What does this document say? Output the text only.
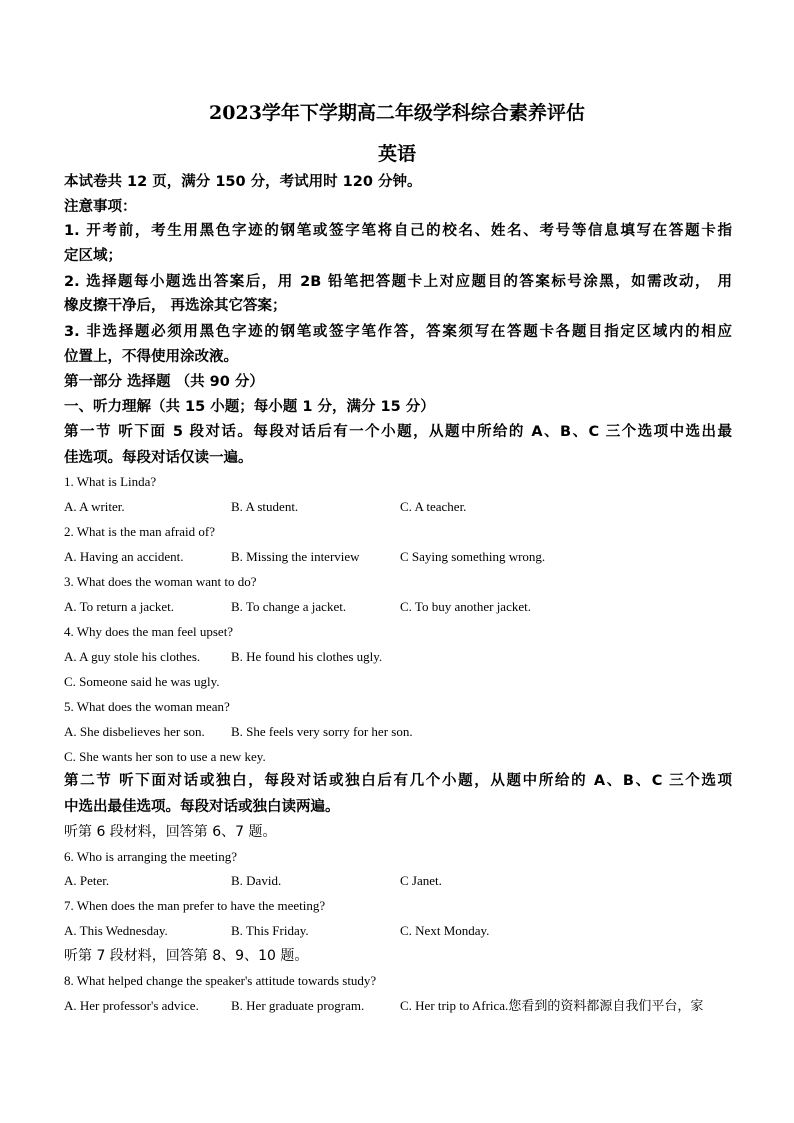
2023学年下学期高二年级学科综合素养评估
英语
本试卷共 12 页，满分 150 分，考试用时 120 分钟。
注意事项：
1. 开考前，考生用黑色字迹的钢笔或签字笔将自己的校名、姓名、考号等信息填写在答题卡指
定区域；
2. 选择题每小题选出答案后，用 2B 铅笔把答题卡上对应题目的答案标号涂黑，如需改动， 用
橡皮擦干净后， 再选涂其它答案；
3. 非选择题必须用黑色字迹的钢笔或签字笔作答，答案须写在答题卡各题目指定区域内的相应
位置上，不得使用涂改液。
第一部分 选择题 （共 90 分）
一、听力理解（共 15 小题；每小题 1 分，满分 15 分）
第一节 听下面 5 段对话。每段对话后有一个小题，从题中所给的 A、B、C 三个选项中选出最
佳选项。每段对话仅读一遍。
1. What is Linda?
A. A writer.	B. A student.	C. A teacher.
2. What is the man afraid of?
A. Having an accident.	B. Missing the interview	C Saying something wrong.
3. What does the woman want to do?
A. To return a jacket.	B. To change a jacket.	C. To buy another jacket.
4. Why does the man feel upset?
A. A guy stole his clothes. B. He found his clothes ugly.
C. Someone said he was ugly.
5. What does the woman mean?
A. She disbelieves her son. B. She feels very sorry for her son.
C. She wants her son to use a new key.
第二节 听下面对话或独白，每段对话或独白后有几个小题，从题中所给的 A、B、C 三个选项
中选出最佳选项。每段对话或独白读两遍。
听第 6 段材料，回答第 6、7 题。
6. Who is arranging the meeting?
A. Peter.	B. David.	C Janet.
7. When does the man prefer to have the meeting?
A. This Wednesday.	B. This Friday.	C. Next Monday.
听第 7 段材料，回答第 8、9、10 题。
8. What helped change the speaker's attitude towards study?
A. Her professor's advice. B. Her graduate program.	C. Her trip to Africa.您看到的资料都源自我们平台，家
